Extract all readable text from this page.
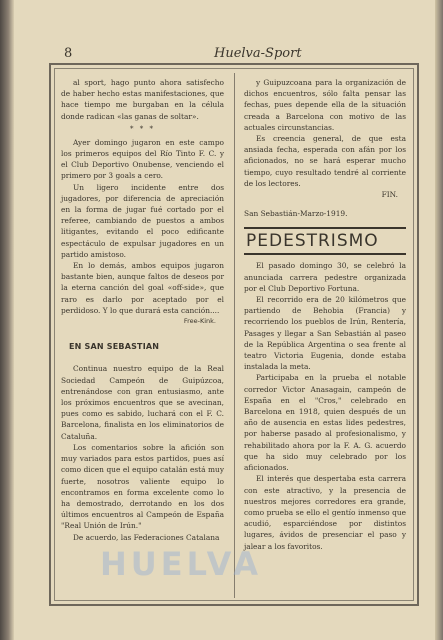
8	Huelva-Sport

al sport, hago punto ahora satisfecho de haber hecho estas manifestaciones, que hace tiempo me burgaban en la célula donde radican «las ganas de soltar».

* * *

Ayer domingo jugaron en este campo los primeros equipos del Río Tinto F. C. y el Club Deportivo Onubense, venciendo el primero por 3 goals a cero.

Un ligero incidente entre dos jugadores, por diferencia de apreciación en la forma de jugar fué cortado por el referee, cambiando de puestos a ambos litigantes, evitando el poco edificante espectáculo de expulsar jugadores en un partido amistoso.

En lo demás, ambos equipos jugaron bastante bien, aunque faltos de deseos por la eterna canción del goal «off-side», que raro es darlo por aceptado por el perdidoso. Y lo que durará esta canción....

Free-Kink.
EN SAN SEBASTIAN

Continua nuestro equipo de la Real Sociedad Campeón de Guipúzcoa, entrenándose con gran entusiasmo, ante los próximos encuentros que se avecinan, pues como es sabido, luchará con el F. C. Barcelona, finalista en los eliminatorios de Cataluña.

Los comentarios sobre la afición son muy variados para estos partidos, pues así como dicen que el equipo catalán está muy fuerte, nosotros valiente equipo lo encontramos en forma excelente como lo ha demostrado, derrotando en los dos últimos encuentros al Campeón de España "Real Unión de Irún."

De acuerdo, las Federaciones Catalana

y Guipuzcoana para la organización de dichos encuentros, sólo falta pensar las fechas, pues depende ella de la situación creada a Barcelona con motivo de las actuales circunstancias.

Es creencia general, de que esta ansiada fecha, esperada con afán por los aficionados, no se hará esperar mucho tiempo, cuyo resultado tendré al corriente de los lectores.

FIN.

San Sebastián-Marzo-1919.

PEDESTRISMO

El pasado domingo 30, se celebró la anunciada carrera pedestre organizada por el Club Deportivo Fortuna.

El recorrido era de 20 kilómetros que partiendo de Behobia (Francia) y recorriendo los pueblos de Irún, Rentería, Pasages y llegar a San Sebastián al paseo de la República Argentina o sea frente al teatro Victoria Eugenia, donde estaba instalada la meta.

Participaba en la prueba el notable corredor Victor Anasagain, campeón de España en el "Cros," celebrado en Barcelona en 1918, quien después de un año de ausencia en estas lides pedestres, por haberse pasado al profesionalismo, y rehabilitado ahora por la F. A. G. acuerdo que ha sido muy celebrado por los aficionados.

El interés que despertaba esta carrera con este atractivo, y la presencia de nuestros mejores corredores era grande, como prueba se ello el gentío inmenso que acudió, esparciéndose por distintos lugares, ávidos de presenciar el paso y jalear a los favoritos.

HUELVA
